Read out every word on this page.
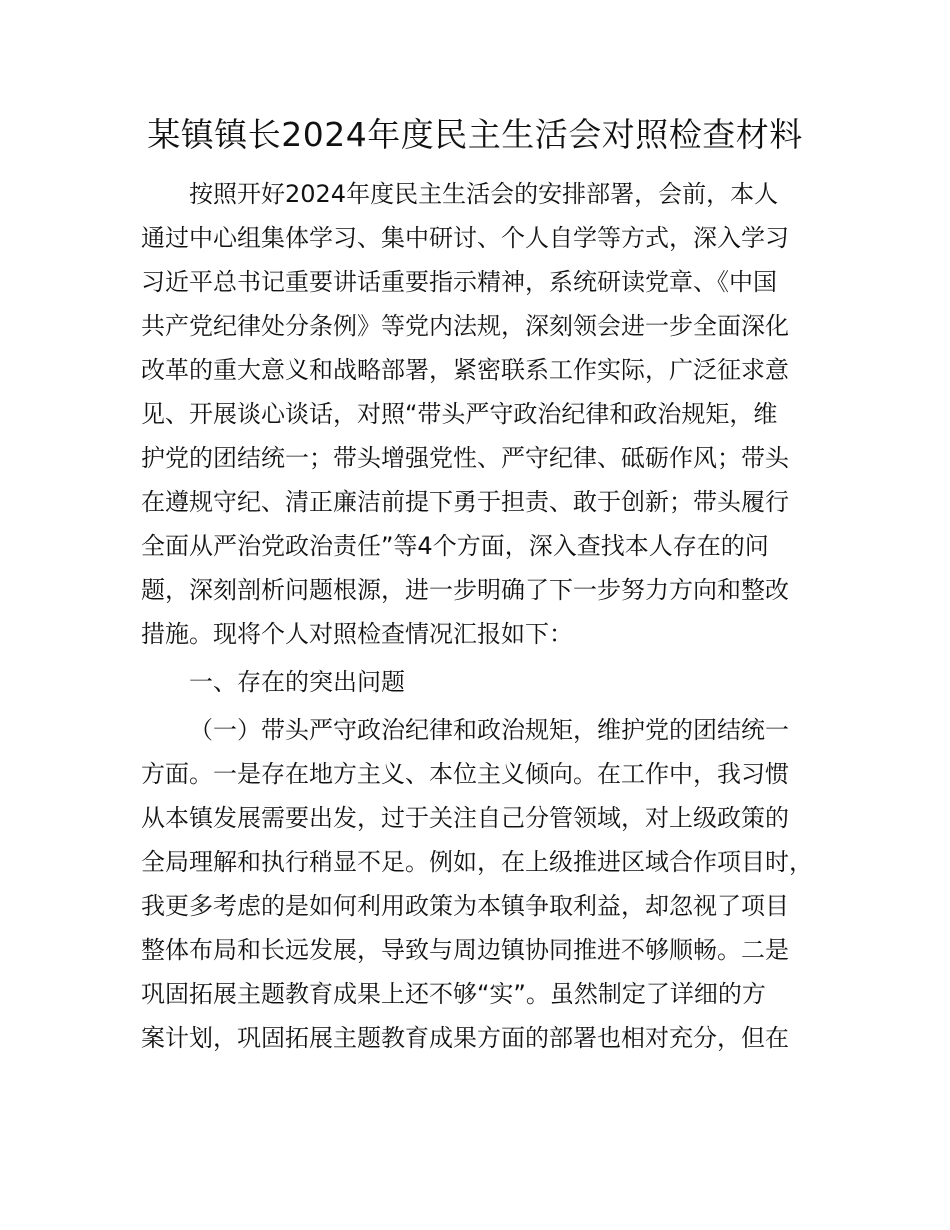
某镇镇长2024年度民主生活会对照检查材料
按照开好2024年度民主生活会的安排部署，会前，本人
通过中心组集体学习、集中研讨、个人自学等方式，深入学习
习近平总书记重要讲话重要指示精神，系统研读党章、《中国
共产党纪律处分条例》等党内法规，深刻领会进一步全面深化
改革的重大意义和战略部署，紧密联系工作实际，广泛征求意
见、开展谈心谈话，对照“带头严守政治纪律和政治规矩，维
护党的团结统一；带头增强党性、严守纪律、砥砺作风；带头
在遵规守纪、清正廉洁前提下勇于担责、敢于创新；带头履行
全面从严治党政治责任”等4个方面，深入查找本人存在的问
题，深刻剖析问题根源，进一步明确了下一步努力方向和整改
措施。现将个人对照检查情况汇报如下：
一、存在的突出问题
（一）带头严守政治纪律和政治规矩，维护党的团结统一
方面。一是存在地方主义、本位主义倾向。在工作中，我习惯
从本镇发展需要出发，过于关注自己分管领域，对上级政策的
全局理解和执行稍显不足。例如，在上级推进区域合作项目时，
我更多考虑的是如何利用政策为本镇争取利益，却忽视了项目
整体布局和长远发展，导致与周边镇协同推进不够顺畅。二是
巩固拓展主题教育成果上还不够“实”。虽然制定了详细的方
案计划，巩固拓展主题教育成果方面的部署也相对充分，但在
